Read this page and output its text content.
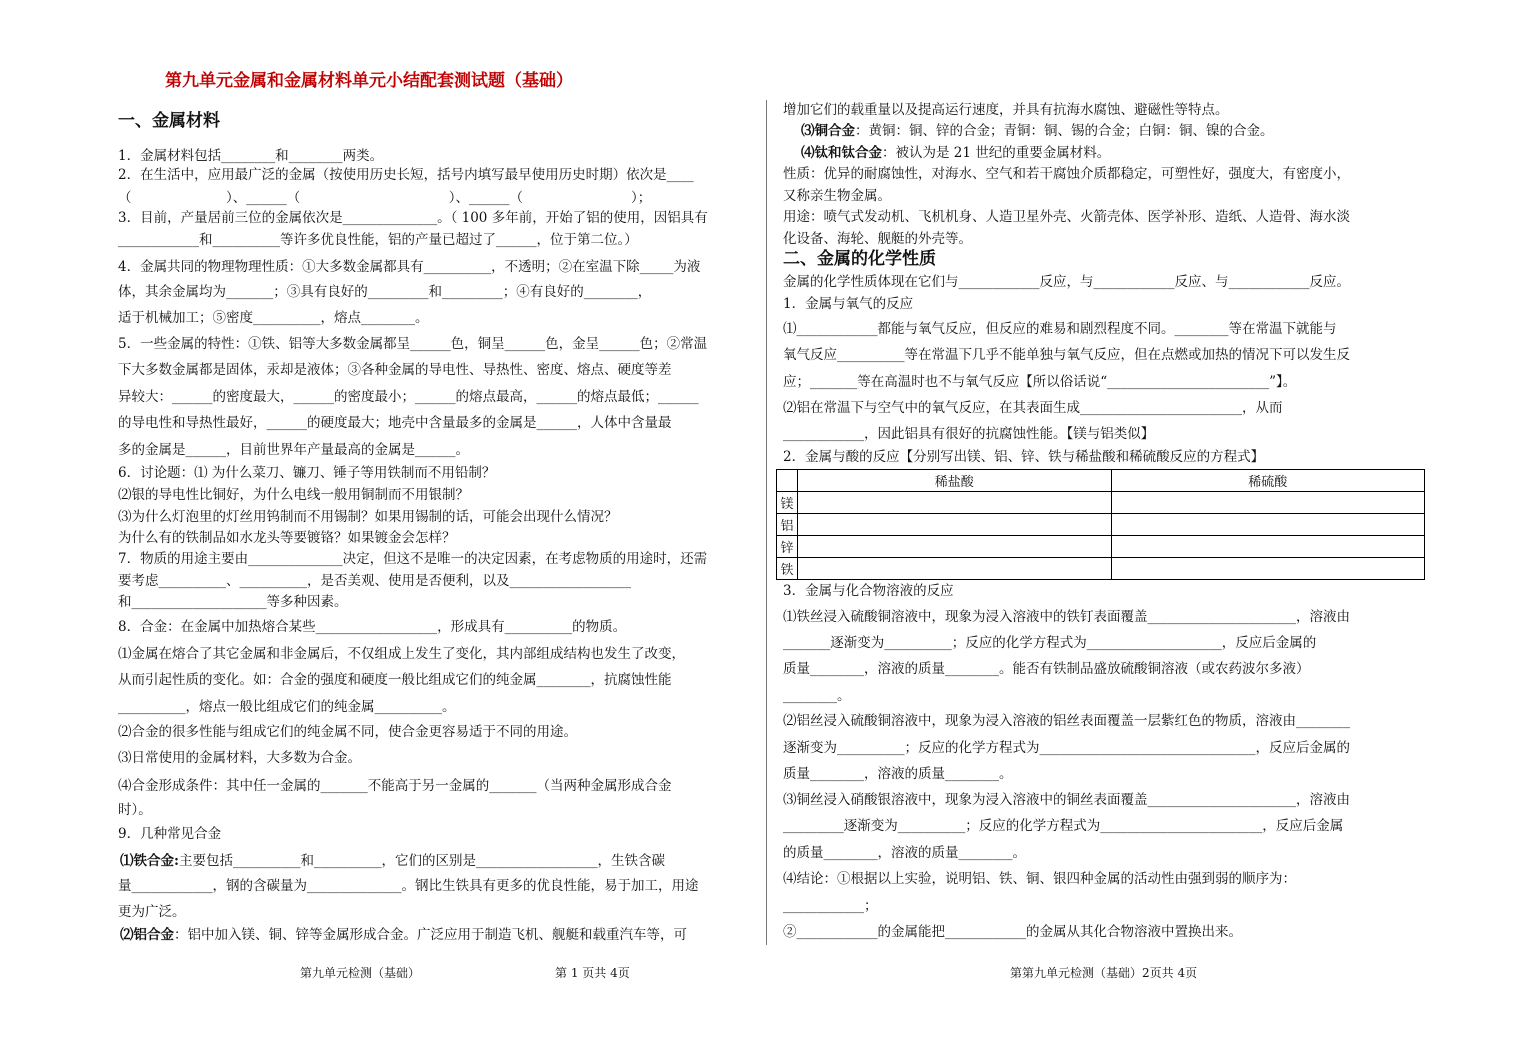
第九单元金属和金属材料单元小结配套测试题（基础）
一、金属材料
1．金属材料包括________和________两类。
2．在生活中，应用最广泛的金属（按使用历史长短，括号内填写最早使用历史时期）依次是____
（　　　　　　　）、______（　　　　　　　　　　　）、______（　　　　　　　　）；
3．目前，产量居前三位的金属依次是______________。（ 100 多年前，开始了铝的使用，因铝具有
____________和__________等许多优良性能，铝的产量已超过了______，位于第二位。）
4．金属共同的物理物理性质：①大多数金属都具有__________，不透明；②在室温下除_____为液
体，其余金属均为_______；③具有良好的_________和_________；④有良好的________，
适于机械加工；⑤密度__________，熔点________。
5．一些金属的特性：①铁、铝等大多数金属都呈______色，铜呈______色，金呈______色；②常温
下大多数金属都是固体，汞却是液体；③各种金属的导电性、导热性、密度、熔点、硬度等差
异较大：______的密度最大，______的密度最小；______的熔点最高，______的熔点最低；______
的导电性和导热性最好，______的硬度最大；地壳中含量最多的金属是______，人体中含量最
多的金属是______，目前世界年产量最高的金属是______。
6．讨论题：⑴ 为什么菜刀、镰刀、锤子等用铁制而不用铅制？
⑵银的导电性比铜好，为什么电线一般用铜制而不用银制？
⑶为什么灯泡里的灯丝用钨制而不用锡制？如果用锡制的话，可能会出现什么情况？
为什么有的铁制品如水龙头等要镀铬？如果镀金会怎样？
7．物质的用途主要由______________决定，但这不是唯一的决定因素，在考虑物质的用途时，还需
要考虑__________、__________，是否美观、使用是否便利，以及__________________
和____________________等多种因素。
8．合金：在金属中加热熔合某些__________________，形成具有__________的物质。
⑴金属在熔合了其它金属和非金属后，不仅组成上发生了变化，其内部组成结构也发生了改变，
从而引起性质的变化。如：合金的强度和硬度一般比组成它们的纯金属________，抗腐蚀性能
__________，熔点一般比组成它们的纯金属__________。
⑵合金的很多性能与组成它们的纯金属不同，使合金更容易适于不同的用途。
⑶日常使用的金属材料，大多数为合金。
⑷合金形成条件：其中任一金属的_______不能高于另一金属的_______（当两种金属形成合金
时）。
9．几种常见合金
⑴铁合金:主要包括__________和__________，它们的区别是__________________，生铁含碳
量____________，钢的含碳量为______________。钢比生铁具有更多的优良性能，易于加工，用途
更为广泛。
⑵铝合金：铝中加入镁、铜、锌等金属形成合金。广泛应用于制造飞机、舰艇和载重汽车等，可
增加它们的载重量以及提高运行速度，并具有抗海水腐蚀、避磁性等特点。
⑶铜合金：黄铜：铜、锌的合金；青铜：铜、锡的合金；白铜：铜、镍的合金。
⑷钛和钛合金：被认为是 21 世纪的重要金属材料。
性质：优异的耐腐蚀性，对海水、空气和若干腐蚀介质都稳定，可塑性好，强度大，有密度小，
又称亲生物金属。
用途：喷气式发动机、飞机机身、人造卫星外壳、火箭壳体、医学补形、造纸、人造骨、海水淡
化设备、海轮、舰艇的外壳等。
二、金属的化学性质
金属的化学性质体现在它们与____________反应，与____________反应、与____________反应。
1．金属与氧气的反应
⑴____________都能与氧气反应，但反应的难易和剧烈程度不同。________等在常温下就能与
氧气反应__________等在常温下几乎不能单独与氧气反应，但在点燃或加热的情况下可以发生反
应；_______等在高温时也不与氧气反应【所以俗话说“________________________”】。
⑵铝在常温下与空气中的氧气反应，在其表面生成________________________，从而
____________，因此铝具有很好的抗腐蚀性能。【镁与铝类似】
2．金属与酸的反应【分别写出镁、铝、锌、铁与稀盐酸和稀硫酸反应的方程式】
	稀盐酸	稀硫酸
镁		
铝		
锌		
铁		
3．金属与化合物溶液的反应
⑴铁丝浸入硫酸铜溶液中，现象为浸入溶液中的铁钉表面覆盖______________________，溶液由
_______逐渐变为__________；反应的化学方程式为____________________，反应后金属的
质量________，溶液的质量________。能否有铁制品盛放硫酸铜溶液（或农药波尔多液）
________。
⑵铝丝浸入硫酸铜溶液中，现象为浸入溶液的铝丝表面覆盖一层紫红色的物质，溶液由________
逐渐变为__________；反应的化学方程式为________________________________，反应后金属的
质量________，溶液的质量________。
⑶铜丝浸入硝酸银溶液中，现象为浸入溶液中的铜丝表面覆盖______________________，溶液由
_________逐渐变为__________；反应的化学方程式为________________________，反应后金属
的质量________，溶液的质量________。
⑷结论：①根据以上实验，说明铝、铁、铜、银四种金属的活动性由强到弱的顺序为：
____________；
②____________的金属能把____________的金属从其化合物溶液中置换出来。
第九单元检测（基础）	第 1 页共 4页	第第九单元检测（基础）2页共 4页
